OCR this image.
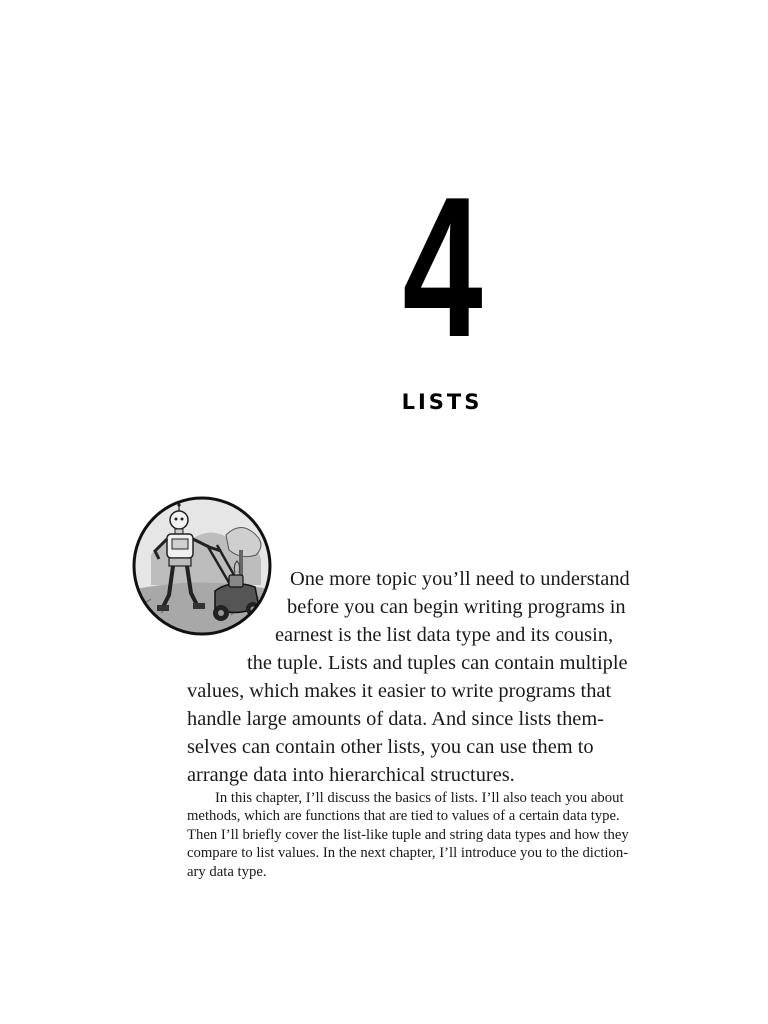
4
LISTS
One more topic you’ll need to understand
before you can begin writing programs in
earnest is the list data type and its cousin,
the tuple. Lists and tuples can contain multiple
values, which makes it easier to write programs that
handle large amounts of data. And since lists them-
selves can contain other lists, you can use them to
arrange data into hierarchical structures.
In this chapter, I’ll discuss the basics of lists. I’ll also teach you about
methods, which are functions that are tied to values of a certain data type.
Then I’ll briefly cover the list-like tuple and string data types and how they
compare to list values. In the next chapter, I’ll introduce you to the diction-
ary data type.
